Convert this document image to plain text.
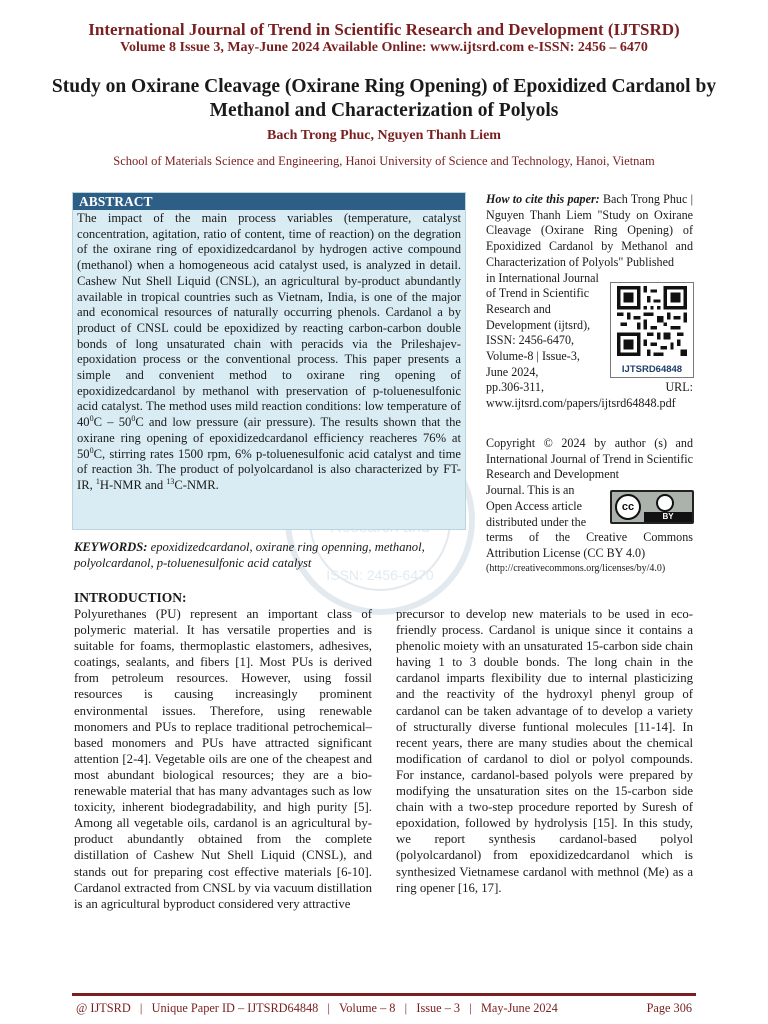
International Journal of Trend in Scientific Research and Development (IJTSRD)
Volume 8 Issue 3, May-June 2024 Available Online: www.ijtsrd.com e-ISSN: 2456 – 6470
Study on Oxirane Cleavage (Oxirane Ring Opening) of Epoxidized Cardanol by Methanol and Characterization of Polyols
Bach Trong Phuc, Nguyen Thanh Liem
School of Materials Science and Engineering, Hanoi University of Science and Technology, Hanoi, Vietnam
ISSN: 2456-6470
ABSTRACT
The impact of the main process variables (temperature, catalyst concentration, agitation, ratio of content, time of reaction) on the degration of the oxirane ring of epoxidizedcardanol by hydrogen active compound (methanol) when a homogeneous acid catalyst used, is analyzed in detail. Cashew Nut Shell Liquid (CNSL), an agricultural by-product abundantly available in tropical countries such as Vietnam, India, is one of the major and economical resources of naturally occurring phenols. Cardanol a by product of CNSL could be epoxidized by reacting carbon-carbon double bonds of long unsaturated chain with peracids via the Prileshajev-epoxidation process or the conventional process. This paper presents a simple and convenient method to oxirane ring opening of epoxidizedcardanol by methanol with preservation of p-toluenesulfonic acid catalyst. The method uses mild reaction conditions: low temperature of $40^0C - 50^0C$ and low pressure (air pressure). The results shown that the oxirane ring opening of epoxidizedcardanol efficiency reacheres 76% at $50^0C$, stirring rates 1500 rpm, 6% p-toluenesulfonic acid catalyst and time of reaction 3h. The product of polyolcardanol is also characterized by FT-IR, $^1$H-NMR and $^{13}$C-NMR.
KEYWORDS: epoxidizedcardanol, oxirane ring openning, methanol, polyolcardanol, p-toluenesulfonic acid catalyst
How to cite this paper: Bach Trong Phuc | Nguyen Thanh Liem "Study on Oxirane Cleavage (Oxirane Ring Opening) of Epoxidized Cardanol by Methanol and Characterization of Polyols" Published
in International Journal of Trend in Scientific Research and Development (ijtsrd), ISSN: 2456-6470, Volume-8 | Issue-3, June 2024,
pp.306-311, URL: www.ijtsrd.com/papers/ijtsrd64848.pdf
IJTSRD64848
Copyright © 2024 by author (s) and International Journal of Trend in Scientific Research and Development
Journal. This is an Open Access article distributed under the
terms of the Creative Commons Attribution License (CC BY 4.0)
(http://creativecommons.org/licenses/by/4.0)
cc
BY
INTRODUCTION:
Polyurethanes (PU) represent an important class of polymeric material. It has versatile properties and is suitable for foams, thermoplastic elastomers, adhesives, coatings, sealants, and fibers [1]. Most PUs is derived from petroleum resources. However, using fossil resources is causing increasingly prominent environmental issues. Therefore, using renewable monomers and PUs to replace traditional petrochemical–based monomers and PUs have attracted significant attention [2-4]. Vegetable oils are one of the cheapest and most abundant biological resources; they are a bio-renewable material that has many advantages such as low toxicity, inherent biodegradability, and high purity [5]. Among all vegetable oils, cardanol is an agricultural by-product abundantly obtained from the complete distillation of Cashew Nut Shell Liquid (CNSL), and stands out for preparing cost effective materials [6-10]. Cardanol extracted from CNSL by via vacuum distillation is an agricultural byproduct considered very attractive
precursor to develop new materials to be used in eco-friendly process. Cardanol is unique since it contains a phenolic moiety with an unsaturated 15-carbon side chain having 1 to 3 double bonds. The long chain in the cardanol imparts flexibility due to internal plasticizing and the reactivity of the hydroxyl phenyl group of cardanol can be taken advantage of to develop a variety of structurally diverse funtional molecules [11-14]. In recent years, there are many studies about the chemical modification of cardanol to diol or polyol compounds. For instance, cardanol-based polyols were prepared by modifying the unsaturation sites on the 15-carbon side chain with a two-step procedure reported by Suresh of epoxidation, followed by hydrolysis [15]. In this study, we report synthesis cardanol-based polyol (polyolcardanol) from epoxidizedcardanol which is synthesized Vietnamese cardanol with methnol (Me) as a ring opener [16, 17].
@ IJTSRD   |   Unique Paper ID – IJTSRD64848   |   Volume – 8   |   Issue – 3   |   May-June 2024	Page 306
